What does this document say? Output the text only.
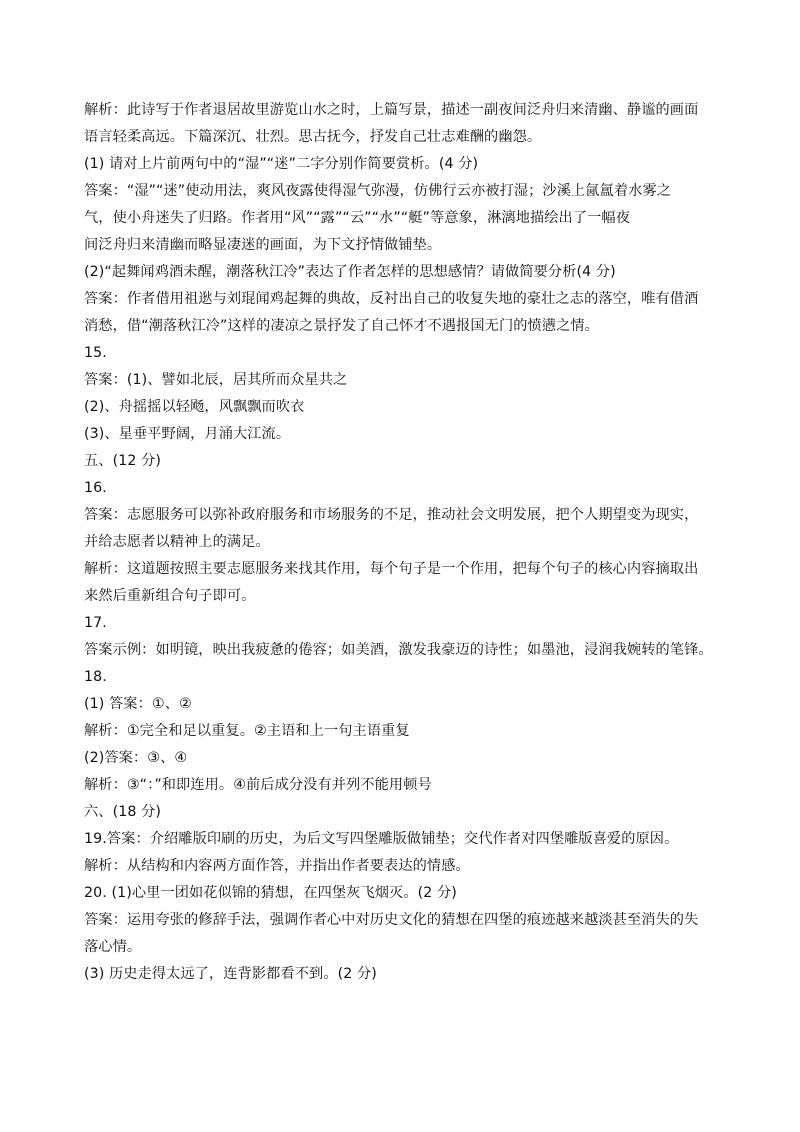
解析：此诗写于作者退居故里游览山水之时，上篇写景，描述一副夜间泛舟归来清幽、静谧的画面
语言轻柔高远。下篇深沉、壮烈。思古抚今，抒发自己壮志难酬的幽怨。
(1) 请对上片前两句中的“湿”“迷”二字分别作简要赏析。(4 分)
答案：“湿”“迷”使动用法，爽风夜露使得湿气弥漫，仿佛行云亦被打湿；沙溪上氤氲着水雾之
气，使小舟迷失了归路。作者用“风”“露”“云”“水”“艇”等意象，淋漓地描绘出了一幅夜
间泛舟归来清幽而略显凄迷的画面，为下文抒情做铺垫。
(2)“起舞闻鸡酒未醒，潮落秋江冷”表达了作者怎样的思想感情？请做简要分析(4 分)
答案：作者借用祖逖与刘琨闻鸡起舞的典故，反衬出自己的收复失地的豪壮之志的落空，唯有借酒
消愁，借“潮落秋江冷”这样的凄凉之景抒发了自己怀才不遇报国无门的愤懑之情。
15.
答案：(1)、譬如北辰，居其所而众星共之
(2)、舟摇摇以轻飏，风飘飘而吹衣
(3)、星垂平野阔，月涌大江流。
五、(12 分)
16.
答案：志愿服务可以弥补政府服务和市场服务的不足，推动社会文明发展，把个人期望变为现实，
并给志愿者以精神上的满足。
解析：这道题按照主要志愿服务来找其作用，每个句子是一个作用，把每个句子的核心内容摘取出
来然后重新组合句子即可。
17.
答案示例：如明镜，映出我疲惫的倦容；如美酒，激发我豪迈的诗性；如墨池，浸润我婉转的笔锋。
18.
(1) 答案：①、②
解析：①完全和足以重复。②主语和上一句主语重复
(2)答案：③、④
解析：③“：”和即连用。④前后成分没有并列不能用顿号
六、(18 分)
19.答案：介绍雕版印刷的历史，为后文写四堡雕版做铺垫；交代作者对四堡雕版喜爱的原因。
解析：从结构和内容两方面作答，并指出作者要表达的情感。
20. (1)心里一团如花似锦的猜想，在四堡灰飞烟灭。(2 分)
答案：运用夸张的修辞手法，强调作者心中对历史文化的猜想在四堡的痕迹越来越淡甚至消失的失
落心情。
(3) 历史走得太远了，连背影都看不到。(2 分)
